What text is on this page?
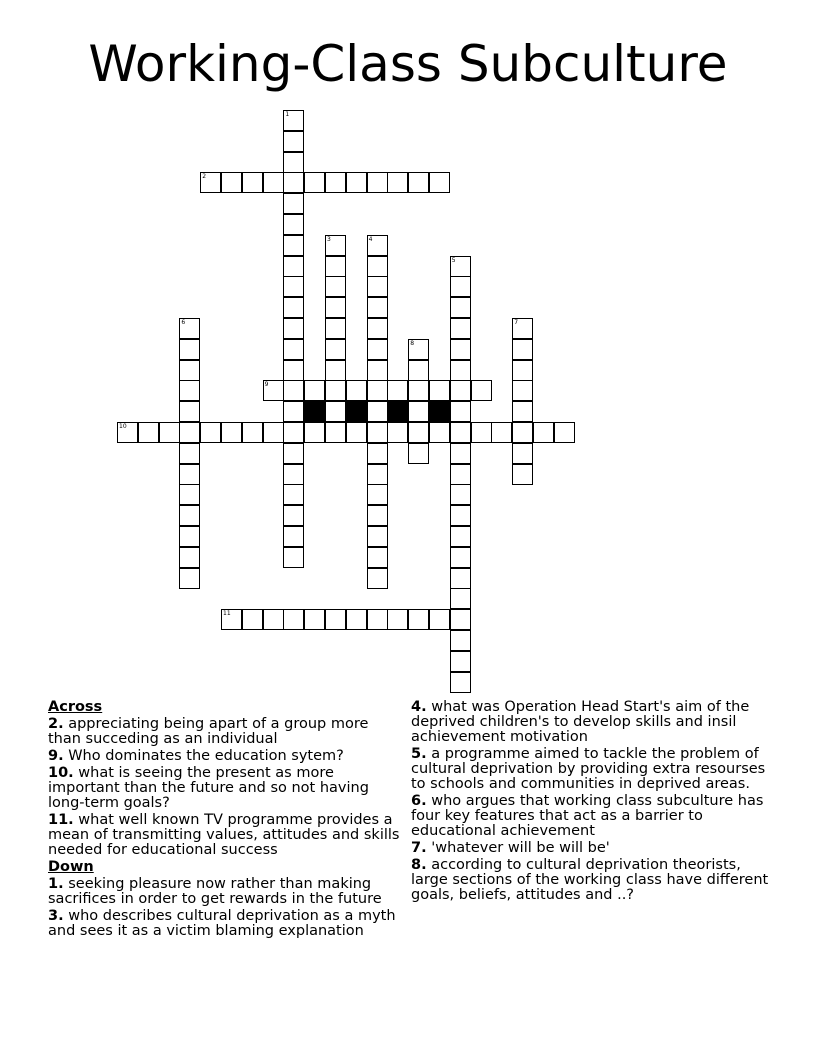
Working-Class Subculture
1
2
3	4
5
6	7
8
9
10
11
Across
2. appreciating being apart of a group more than succeding as an individual
9. Who dominates the education sytem?
10. what is seeing the present as more important than the future and so not having long-term goals?
11. what well known TV programme provides a mean of transmitting values, attitudes and skills needed for educational success
Down
1. seeking pleasure now rather than making sacrifices in order to get rewards in the future
3. who describes cultural deprivation as a myth and sees it as a victim blaming explanation
4. what was Operation Head Start's aim of the deprived children's to develop skills and insil achievement motivation
5. a programme aimed to tackle the problem of cultural deprivation by providing extra resourses to schools and communities in deprived areas.
6. who argues that working class subculture has four key features that act as a barrier to educational achievement
7. 'whatever will be will be'
8. according to cultural deprivation theorists, large sections of the working class have different goals, beliefs, attitudes and ..?
